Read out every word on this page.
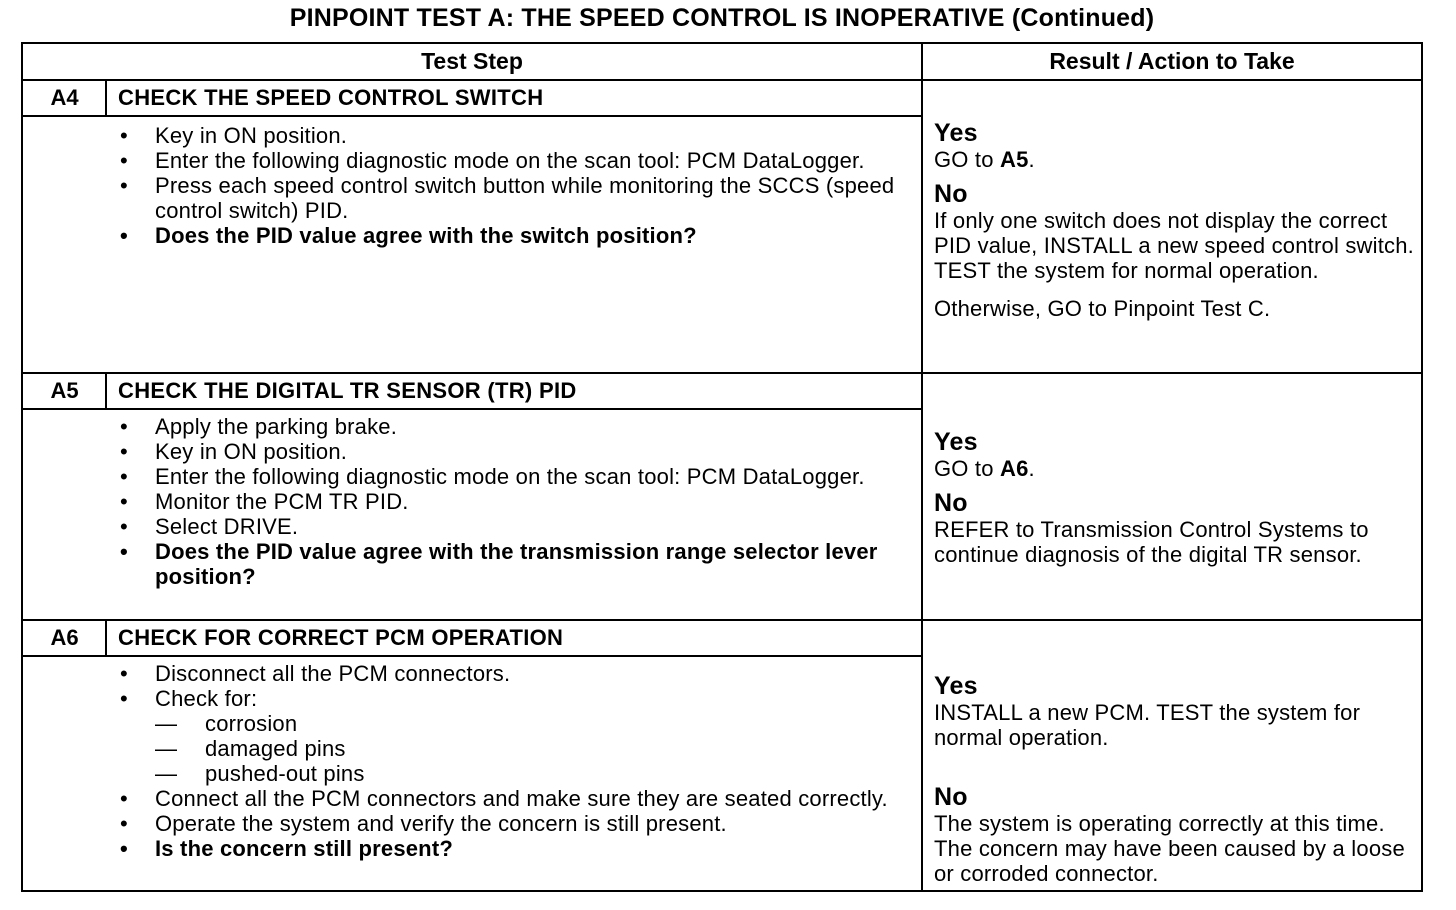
PINPOINT TEST A: THE SPEED CONTROL IS INOPERATIVE (Continued)
Test Step	Result / Action to Take
A4	CHECK THE SPEED CONTROL SWITCH
• Key in ON position.
• Enter the following diagnostic mode on the scan tool: PCM DataLogger.
• Press each speed control switch button while monitoring the SCCS (speed control switch) PID.
• Does the PID value agree with the switch position?
Yes
GO to A5.
No
If only one switch does not display the correct PID value, INSTALL a new speed control switch.
TEST the system for normal operation.
Otherwise, GO to Pinpoint Test C.
A5	CHECK THE DIGITAL TR SENSOR (TR) PID
• Apply the parking brake.
• Key in ON position.
• Enter the following diagnostic mode on the scan tool: PCM DataLogger.
• Monitor the PCM TR PID.
• Select DRIVE.
• Does the PID value agree with the transmission range selector lever position?
Yes
GO to A6.
No
REFER to Transmission Control Systems to continue diagnosis of the digital TR sensor.
A6	CHECK FOR CORRECT PCM OPERATION
• Disconnect all the PCM connectors.
• Check for:
— corrosion
— damaged pins
— pushed-out pins
• Connect all the PCM connectors and make sure they are seated correctly.
• Operate the system and verify the concern is still present.
• Is the concern still present?
Yes
INSTALL a new PCM. TEST the system for normal operation.
No
The system is operating correctly at this time. The concern may have been caused by a loose or corroded connector.
